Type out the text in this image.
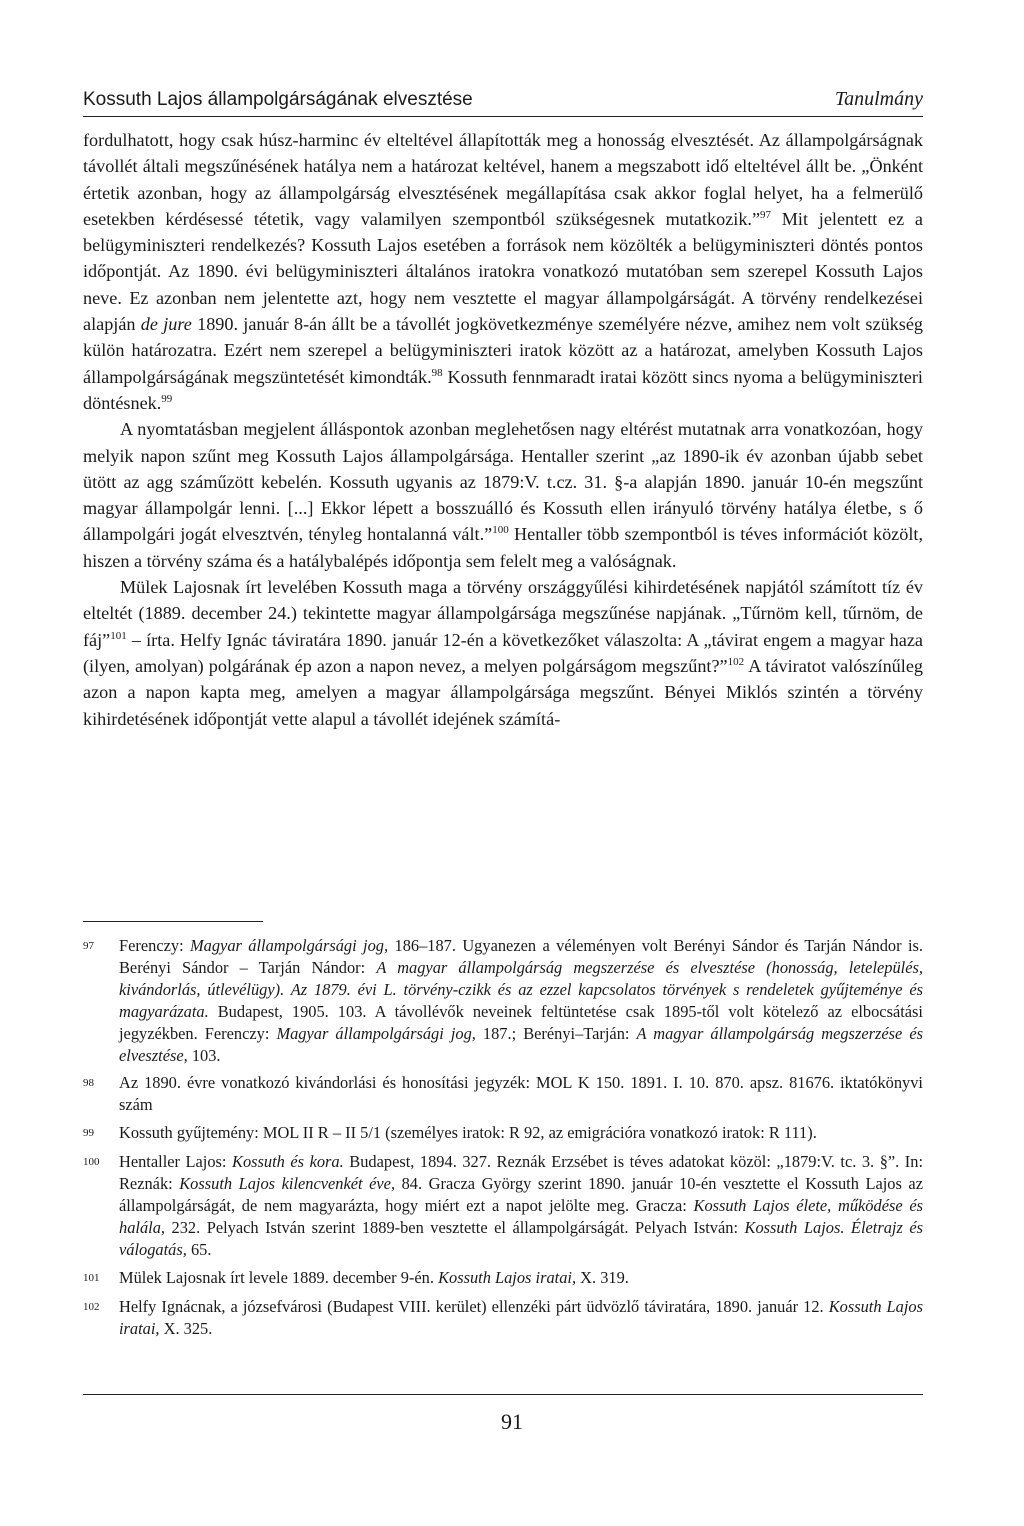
Kossuth Lajos állampolgárságának elvesztése	Tanulmány

fordulhatott, hogy csak húsz-harminc év elteltével állapították meg a honosság elvesztését. Az állampolgárságnak távollét általi megszűnésének hatálya nem a határozat keltével, hanem a megszabott idő elteltével állt be. „Önként értetik azonban, hogy az állampolgárság elvesztésének megállapítása csak akkor foglal helyet, ha a felmerülő esetekben kérdésessé tétetik, vagy valamilyen szempontból szükségesnek mutatkozik.”$^{97}$ Mit jelentett ez a belügyminiszteri rendelkezés? Kossuth Lajos esetében a források nem közölték a belügyminiszteri döntés pontos időpontját. Az 1890. évi belügyminiszteri általános iratokra vonatkozó mutatóban sem szerepel Kossuth Lajos neve. Ez azonban nem jelentette azt, hogy nem vesztette el magyar állampolgárságát. A törvény rendelkezései alapján de jure 1890. január 8-án állt be a távollét jogkövetkezménye személyére nézve, amihez nem volt szükség külön határozatra. Ezért nem szerepel a belügyminiszteri iratok között az a határozat, amelyben Kossuth Lajos állampolgárságának megszüntetését kimondták.$^{98}$ Kossuth fennmaradt iratai között sincs nyoma a belügyminiszteri döntésnek.$^{99}$

A nyomtatásban megjelent álláspontok azonban meglehetősen nagy eltérést mutatnak arra vonatkozóan, hogy melyik napon szűnt meg Kossuth Lajos állampolgársága. Hentaller szerint „az 1890-ik év azonban újabb sebet ütött az agg száműzött kebelén. Kossuth ugyanis az 1879:V. t.cz. 31. §-a alapján 1890. január 10-én megszűnt magyar állampolgár lenni. [...] Ekkor lépett a bosszuálló és Kossuth ellen irányuló törvény hatálya életbe, s ő állampolgári jogát elvesztvén, tényleg hontalanná vált.”$^{100}$ Hentaller több szempontból is téves információt közölt, hiszen a törvény száma és a hatálybalépés időpontja sem felelt meg a valóságnak.

Mülek Lajosnak írt levelében Kossuth maga a törvény országgyűlési kihirdetésének napjától számított tíz év elteltét (1889. december 24.) tekintette magyar állampolgársága megszűnése napjának. „Tűrnöm kell, tűrnöm, de fáj”$^{101}$ – írta. Helfy Ignác táviratára 1890. január 12-én a következőket válaszolta: A „távirat engem a magyar haza (ilyen, amolyan) polgárának ép azon a napon nevez, a melyen polgárságom megszűnt?”$^{102}$ A táviratot valószínűleg azon a napon kapta meg, amelyen a magyar állampolgársága megszűnt. Bényei Miklós szintén a törvény kihirdetésének időpontját vette alapul a távollét idejének számítá-

97	Ferenczy: Magyar állampolgársági jog, 186–187. Ugyanezen a véleményen volt Berényi Sándor és Tarján Nándor is. Berényi Sándor – Tarján Nándor: A magyar állampolgárság megszerzése és elvesztése (honosság, letelepülés, kivándorlás, útlevélügy). Az 1879. évi L. törvény-czikk és az ezzel kapcsolatos törvények s rendeletek gyűjteménye és magyarázata. Budapest, 1905. 103. A távollévők neveinek feltüntetése csak 1895-től volt kötelező az elbocsátási jegyzékben. Ferenczy: Magyar állampolgársági jog, 187.; Berényi–Tarján: A magyar állampolgárság megszerzése és elvesztése, 103.
98	Az 1890. évre vonatkozó kivándorlási és honosítási jegyzék: MOL K 150. 1891. I. 10. 870. apsz. 81676. iktatókönyvi szám
99	Kossuth gyűjtemény: MOL II R – II 5/1 (személyes iratok: R 92, az emigrációra vonatkozó iratok: R 111).
100	Hentaller Lajos: Kossuth és kora. Budapest, 1894. 327. Reznák Erzsébet is téves adatokat közöl: „1879:V. tc. 3. §”. In: Reznák: Kossuth Lajos kilencvenkét éve, 84. Gracza György szerint 1890. január 10-én vesztette el Kossuth Lajos az állampolgárságát, de nem magyarázta, hogy miért ezt a napot jelölte meg. Gracza: Kossuth Lajos élete, működése és halála, 232. Pelyach István szerint 1889-ben vesztette el állampolgárságát. Pelyach István: Kossuth Lajos. Életrajz és válogatás, 65.
101	Mülek Lajosnak írt levele 1889. december 9-én. Kossuth Lajos iratai, X. 319.
102	Helfy Ignácnak, a józsefvárosi (Budapest VIII. kerület) ellenzéki párt üdvözlő táviratára, 1890. január 12. Kossuth Lajos iratai, X. 325.
91
